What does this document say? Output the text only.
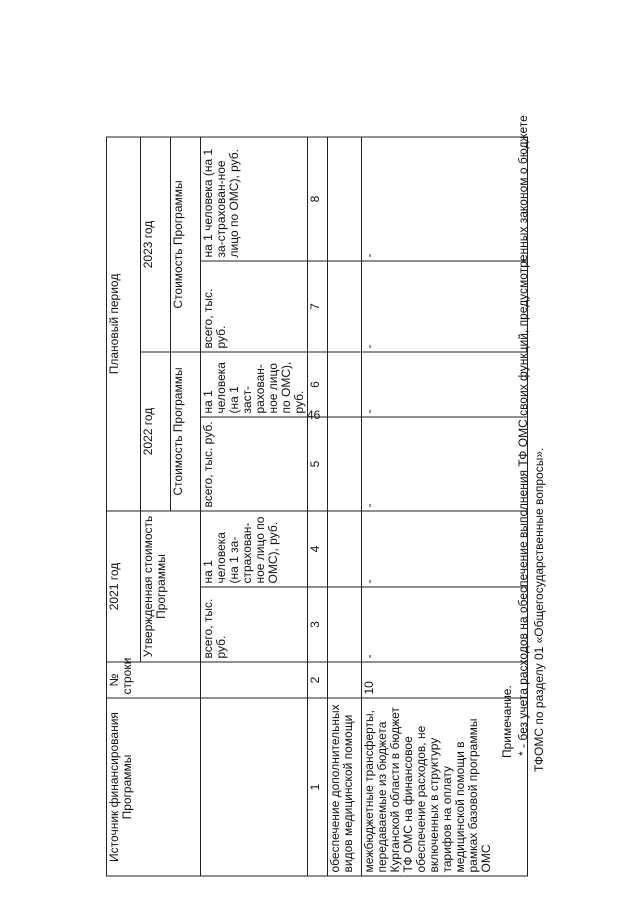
46
Источник финансирования Программы	№ строки	2021 год		Плановый период			
		Утвержденная стоимость Программы		2022 год		2023 год	
				Стоимость Программы		Стоимость Программы	
		всего, тыс. руб.	на 1 человека (на 1 за-страхован-ное лицо по ОМС), руб.	всего, тыс. руб.	на 1 человека (на 1 заст-рахован-ное лицо по ОМС), руб.	всего, тыс. руб.	на 1 человека (на 1 за-страхован-ное лицо по ОМС), руб.
1	2	3	4	5	6	7	8
обеспечение дополнительных видов медицинской помощи							
межбюджетные трансферты, передаваемые из бюджета Курганской области в бюджет ТФ ОМС на финансовое обеспечение расходов, не включенных в структуру тарифов на оплату медицинской помощи в рамках базовой программы ОМС	10	-	-	-	-	-	-
Примечание. * - без учета расходов на обеспечение выполнения ТФ ОМС своих функций, предусмотренных законом о бюджете ТФОМС по разделу 01 «Общегосударственные вопросы».
